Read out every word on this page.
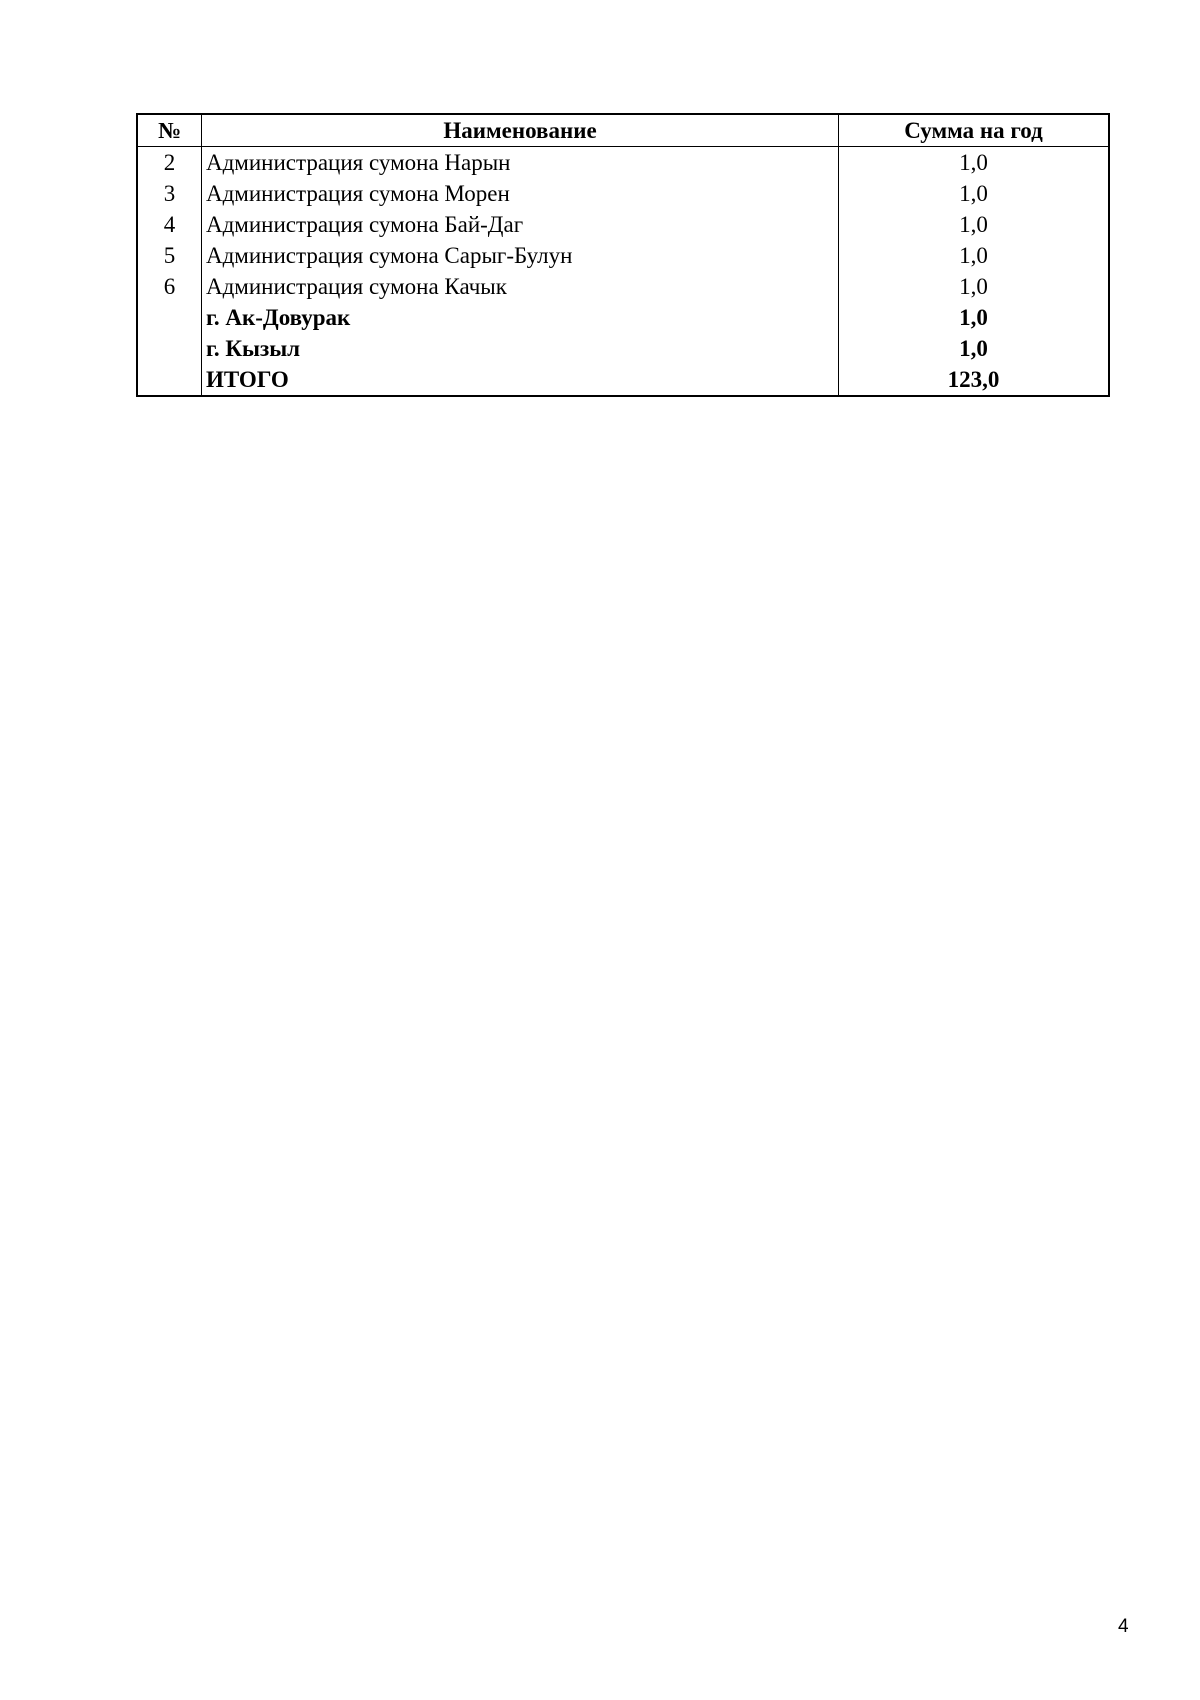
№	Наименование	Сумма на год
2	Администрация сумона Нарын	1,0
3	Администрация сумона Морен	1,0
4	Администрация сумона Бай-Даг	1,0
5	Администрация сумона Сарыг-Булун	1,0
6	Администрация сумона Качык	1,0
	г. Ак-Довурак	1,0
	г. Кызыл	1,0
	ИТОГО	123,0
4
